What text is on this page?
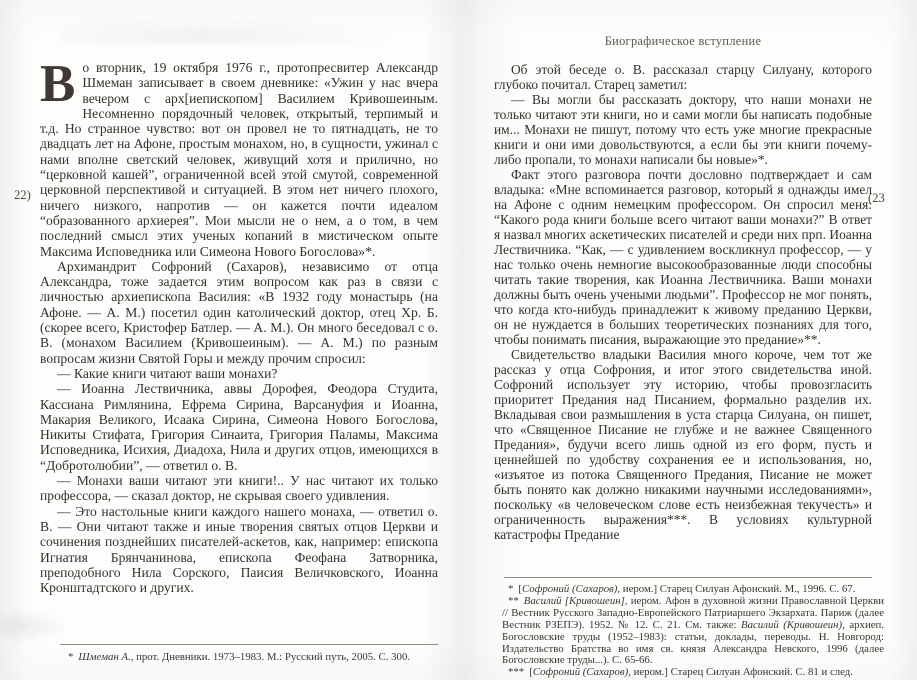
22)

Во вторник, 19 октября 1976 г., протопресвитер Александр Шмеман записывает в своем дневнике: «Ужин у нас вчера вечером с арх[иепископом] Василием Кривошеиным. Несомненно порядочный человек, открытый, терпимый и т.д. Но странное чувство: вот он провел не то пятнадцать, не то двадцать лет на Афоне, простым монахом, но, в сущности, ужинал с нами вполне светский человек, живущий хотя и прилично, но “церковной кашей”, ограниченной всей этой смутой, современной церковной перспективой и ситуацией. В этом нет ничего плохого, ничего низкого, напротив — он кажется почти идеалом “образованного архиерея”. Мои мысли не о нем, а о том, в чем последний смысл этих ученых копаний в мистическом опыте Максима Исповедника или Симеона Нового Богослова»*.

Архимандрит Софроний (Сахаров), независимо от отца Александра, тоже задается этим вопросом как раз в связи с личностью архиепископа Василия: «В 1932 году монастырь (на Афоне. — А. М.) посетил один католический доктор, отец Хр. Б. (скорее всего, Кристофер Батлер. — А. М.). Он много беседовал с о. В. (монахом Василием (Кривошеиным). — А. М.) по разным вопросам жизни Святой Горы и между прочим спросил:

— Какие книги читают ваши монахи?

— Иоанна Лествичника, аввы Дорофея, Феодора Студита, Кассиана Римлянина, Ефрема Сирина, Варсануфия и Иоанна, Макария Великого, Исаака Сирина, Симеона Нового Богослова, Никиты Стифата, Григория Синаита, Григория Паламы, Максима Исповедника, Исихия, Диадоха, Нила и других отцов, имеющихся в “Добротолюбии”, — ответил о. В.

— Монахи ваши читают эти книги!.. У нас читают их только профессора, — сказал доктор, не скрывая своего удивления.

— Это настольные книги каждого нашего монаха, — ответил о. В. — Они читают также и иные творения святых отцов Церкви и сочинения позднейших писателей-аскетов, как, например: епископа Игнатия Брянчанинова, епископа Феофана Затворника, преподобного Нила Сорского, Паисия Величковского, Иоанна Кронштадтского и других.

* Шмеман А., прот. Дневники. 1973–1983. М.: Русский путь, 2005. С. 300.

Биографическое вступление
(23

Об этой беседе о. В. рассказал старцу Силуану, которого глубоко почитал. Старец заметил:

— Вы могли бы рассказать доктору, что наши монахи не только читают эти книги, но и сами могли бы написать подобные им... Монахи не пишут, потому что есть уже многие прекрасные книги и они ими довольствуются, а если бы эти книги почему-либо пропали, то монахи написали бы новые»*.

Факт этого разговора почти дословно подтверждает и сам владыка: «Мне вспоминается разговор, который я однажды имел на Афоне с одним немецким профессором. Он спросил меня: “Какого рода книги больше всего читают ваши монахи?” В ответ я назвал многих аскетических писателей и среди них прп. Иоанна Лествичника. “Как, — с удивлением воскликнул профессор, — у нас только очень немногие высокообразованные люди способны читать такие творения, как Иоанна Лествичника. Ваши монахи должны быть очень учеными людьми”. Профессор не мог понять, что когда кто-нибудь принадлежит к живому преданию Церкви, он не нуждается в больших теоретических познаниях для того, чтобы понимать писания, выражающие это предание»**.

Свидетельство владыки Василия много короче, чем тот же рассказ у отца Софрония, и итог этого свидетельства иной. Софроний использует эту историю, чтобы провозгласить приоритет Предания над Писанием, формально разделив их. Вкладывая свои размышления в уста старца Силуана, он пишет, что «Священное Писание не глубже и не важнее Священного Предания», будучи всего лишь одной из его форм, пусть и ценнейшей по удобству сохранения ее и использования, но, «изъятое из потока Священного Предания, Писание не может быть понято как должно никакими научными исследованиями», поскольку «в человеческом слове есть неизбежная текучесть» и ограниченность выражения***. В условиях культурной катастрофы Предание

* [Софроний (Сахаров), иером.] Старец Силуан Афонский. М., 1996. С. 67.

** Василий [Кривошеин], иером. Афон в духовной жизни Православной Церкви // Вестник Русского Западно-Европейского Патриаршего Экзархата. Париж (далее Вестник РЗЕПЭ). 1952. № 12. С. 21. См. также: Василий (Кривошеин), архиеп. Богословские труды (1952–1983): статьи, доклады, переводы. Н. Новгород: Издательство Братства во имя св. князя Александра Невского, 1996 (далее Богословские труды...). С. 65-66.

*** [Софроний (Сахаров), иером.] Старец Силуан Афонский. С. 81 и след.
